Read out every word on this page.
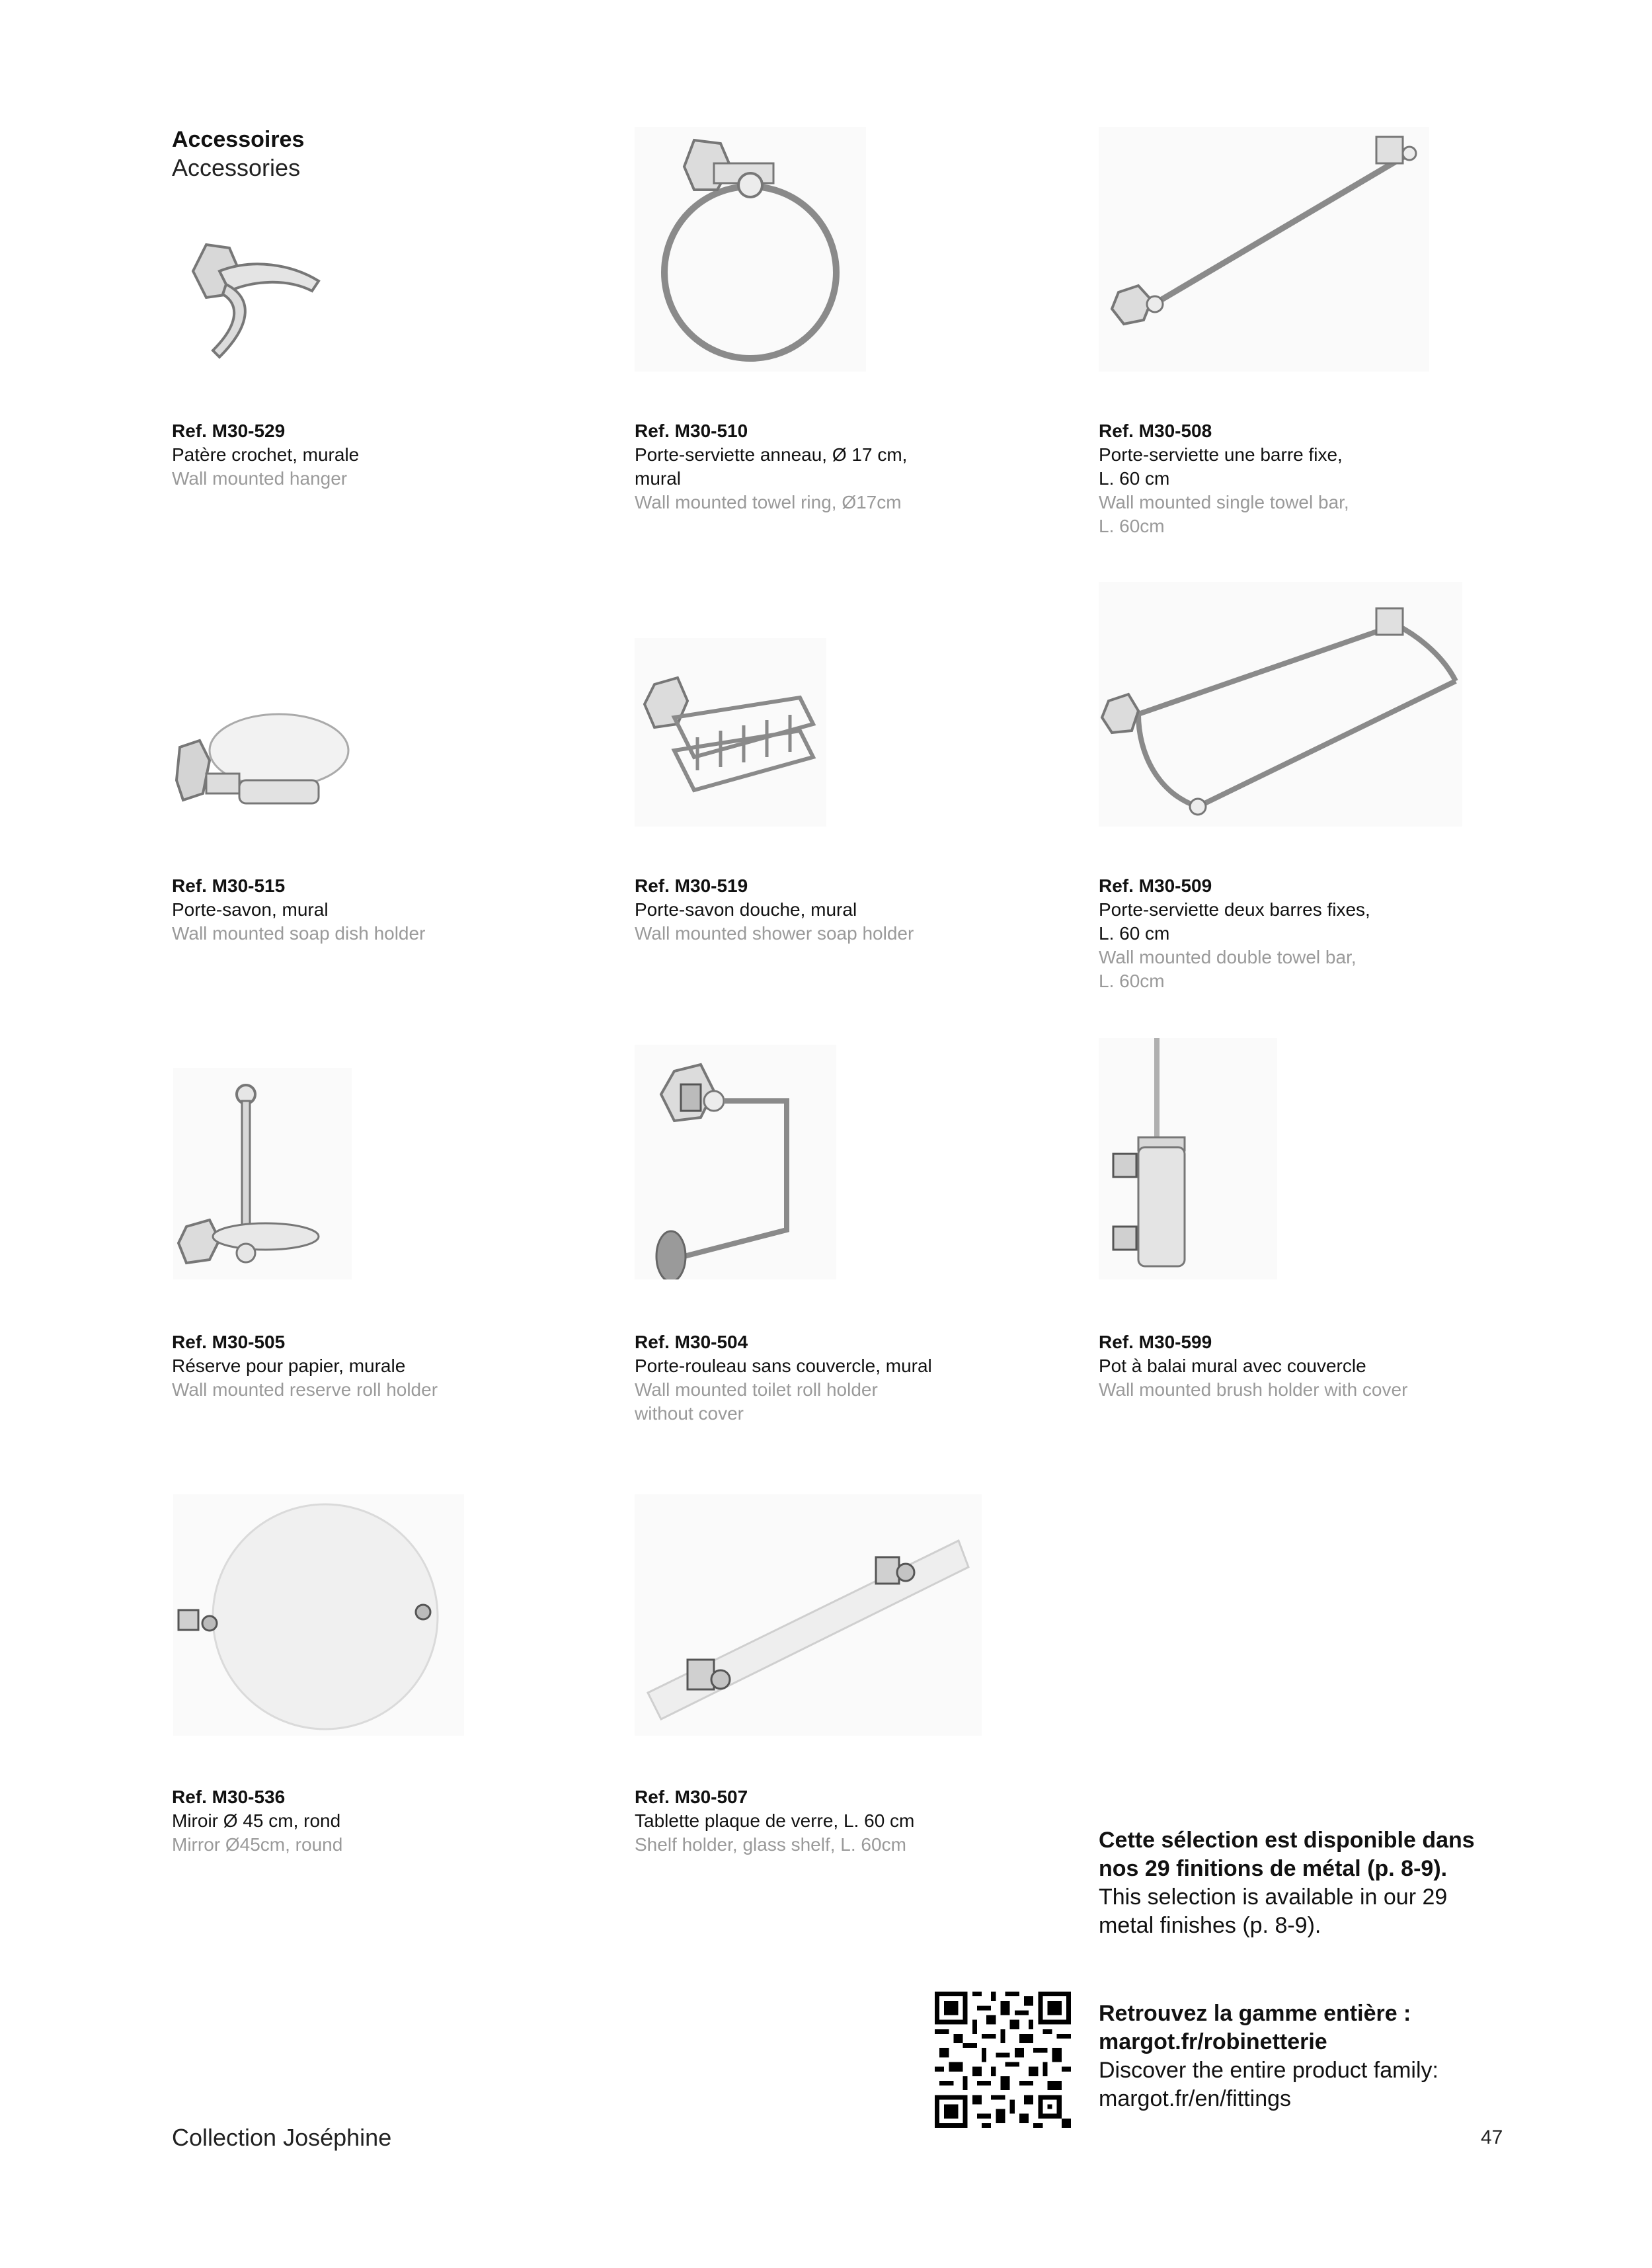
Accessoires
Accessories
Ref. M30-529
Patère crochet, murale
Wall mounted hanger
Ref. M30-510
Porte-serviette anneau, Ø 17 cm,
mural
Wall mounted towel ring, Ø17cm
Ref. M30-508
Porte-serviette une barre fixe,
L. 60 cm
Wall mounted single towel bar,
L. 60cm
Ref. M30-515
Porte-savon, mural
Wall mounted soap dish holder
Ref. M30-519
Porte-savon douche, mural
Wall mounted shower soap holder
Ref. M30-509
Porte-serviette deux barres fixes,
L. 60 cm
Wall mounted double towel bar,
L. 60cm
Ref. M30-505
Réserve pour papier, murale
Wall mounted reserve roll holder
Ref. M30-504
Porte-rouleau sans couvercle, mural
Wall mounted toilet roll holder
without cover
Ref. M30-599
Pot à balai mural avec couvercle
Wall mounted brush holder with cover
Ref. M30-536
Miroir Ø 45 cm, rond
Mirror Ø45cm, round
Ref. M30-507
Tablette plaque de verre, L. 60 cm
Shelf holder, glass shelf, L. 60cm	Cette sélection est disponible dans
nos 29 finitions de métal (p. 8-9).
This selection is available in our 29
metal finishes (p. 8-9).
Retrouvez la gamme entière :
margot.fr/robinetterie
Discover the entire product family:
margot.fr/en/fittings
Collection Joséphine	47
